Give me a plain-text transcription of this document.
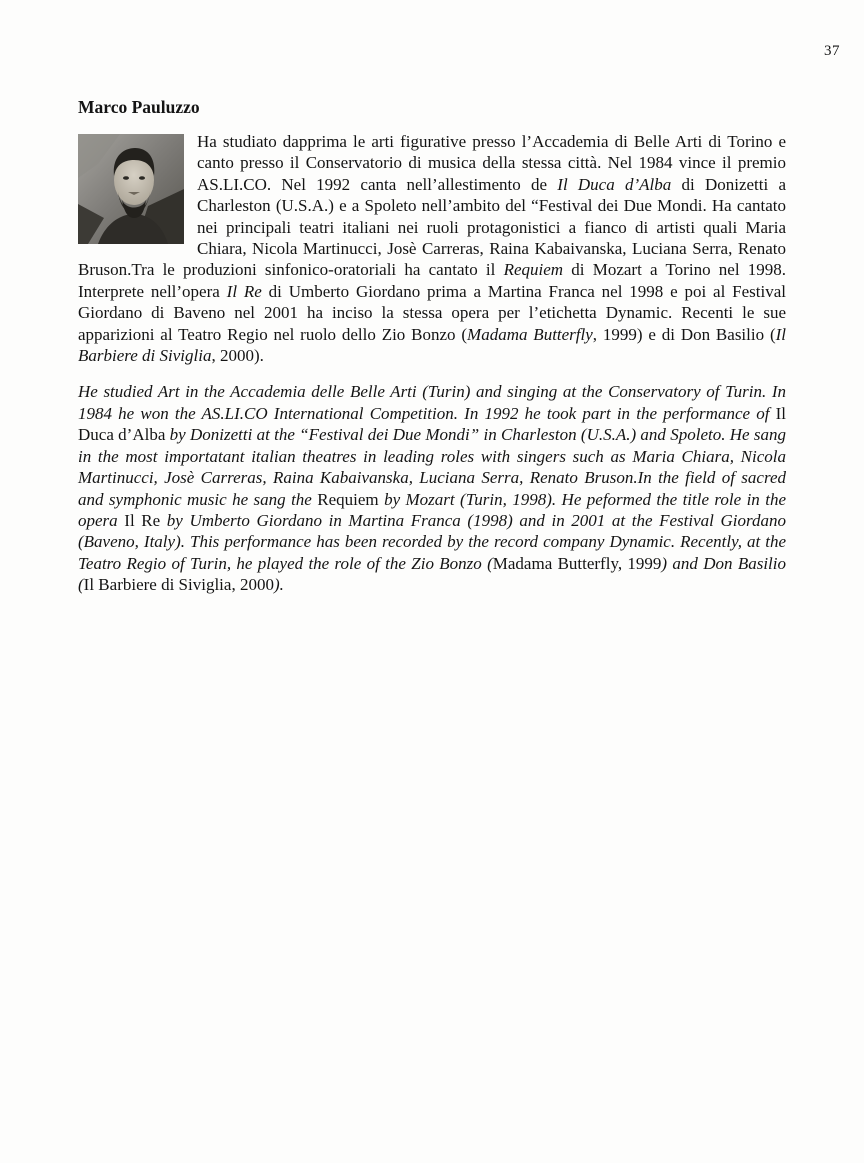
37
Marco Pauluzzo
Ha studiato dapprima le arti figurative presso l’Accademia di Belle Arti di Torino e canto presso il Conservatorio di musica della stessa città. Nel 1984 vince il premio AS.LI.CO. Nel 1992 canta nell’allestimento de Il Duca d’Alba di Donizetti a Charleston (U.S.A.) e a Spoleto nell’ambito del “Festival dei Due Mondi. Ha cantato nei principali teatri italiani nei ruoli protagonistici a fianco di artisti quali Maria Chiara, Nicola Martinucci, Josè Carreras, Raina Kabaivanska, Luciana Serra, Renato Bruson.Tra le produzioni sinfonico-oratoriali ha cantato il Requiem di Mozart a Torino nel 1998. Interprete nell’opera Il Re di Umberto Giordano prima a Martina Franca nel 1998 e poi al Festival Giordano di Baveno nel 2001 ha inciso la stessa opera per l’etichetta Dynamic. Recenti le sue apparizioni al Teatro Regio nel ruolo dello Zio Bonzo (Madama Butterfly, 1999) e di Don Basilio (Il Barbiere di Siviglia, 2000).
He studied Art in the Accademia delle Belle Arti (Turin) and singing at the Conservatory of Turin. In 1984 he won the AS.LI.CO International Competition. In 1992 he took part in the performance of Il Duca d’Alba by Donizetti at the “Festival dei Due Mondi” in Charleston (U.S.A.) and Spoleto. He sang in the most importatant italian theatres in leading roles with singers such as Maria Chiara, Nicola Martinucci, Josè Carreras, Raina Kabaivanska, Luciana Serra, Renato Bruson.In the field of sacred and symphonic music he sang the Requiem by Mozart (Turin, 1998). He peformed the title role in the opera Il Re by Umberto Giordano in Martina Franca (1998) and in 2001 at the Festival Giordano (Baveno, Italy). This performance has been recorded by the record company Dynamic. Recently, at the Teatro Regio of Turin, he played the role of the Zio Bonzo (Madama Butterfly, 1999) and Don Basilio (Il Barbiere di Siviglia, 2000).
